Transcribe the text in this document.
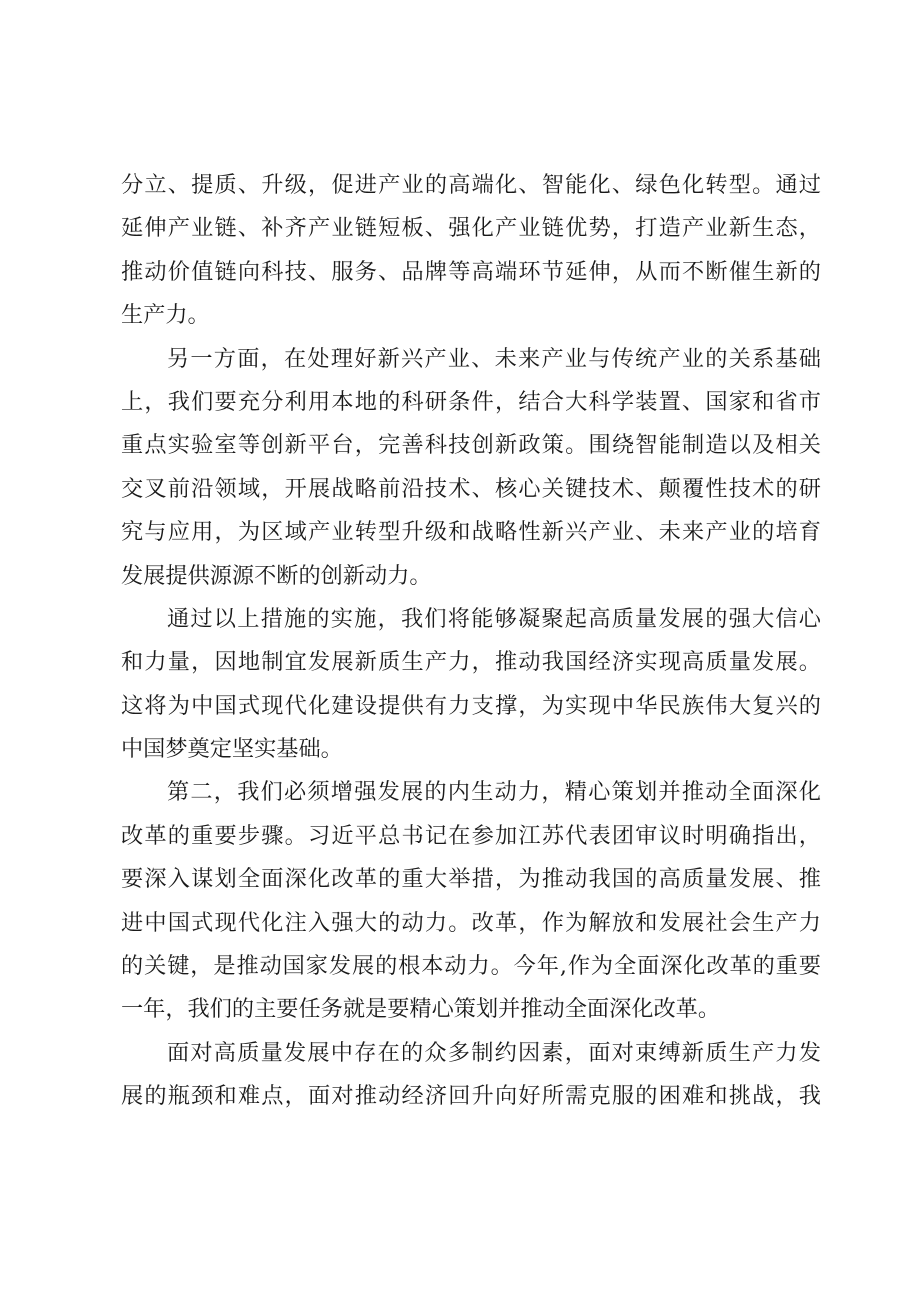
分立、提质、升级，促进产业的高端化、智能化、绿色化转型。通过
延伸产业链、补齐产业链短板、强化产业链优势，打造产业新生态，
推动价值链向科技、服务、品牌等高端环节延伸，从而不断催生新的
生产力。
另一方面，在处理好新兴产业、未来产业与传统产业的关系基础
上，我们要充分利用本地的科研条件，结合大科学装置、国家和省市
重点实验室等创新平台，完善科技创新政策。围绕智能制造以及相关
交叉前沿领域，开展战略前沿技术、核心关键技术、颠覆性技术的研
究与应用，为区域产业转型升级和战略性新兴产业、未来产业的培育
发展提供源源不断的创新动力。
通过以上措施的实施，我们将能够凝聚起高质量发展的强大信心
和力量，因地制宜发展新质生产力，推动我国经济实现高质量发展。
这将为中国式现代化建设提供有力支撑，为实现中华民族伟大复兴的
中国梦奠定坚实基础。
第二，我们必须增强发展的内生动力，精心策划并推动全面深化
改革的重要步骤。习近平总书记在参加江苏代表团审议时明确指出，
要深入谋划全面深化改革的重大举措，为推动我国的高质量发展、推
进中国式现代化注入强大的动力。改革，作为解放和发展社会生产力
的关键，是推动国家发展的根本动力。今年,作为全面深化改革的重要
一年，我们的主要任务就是要精心策划并推动全面深化改革。
面对高质量发展中存在的众多制约因素，面对束缚新质生产力发
展的瓶颈和难点，面对推动经济回升向好所需克服的困难和挑战，我
